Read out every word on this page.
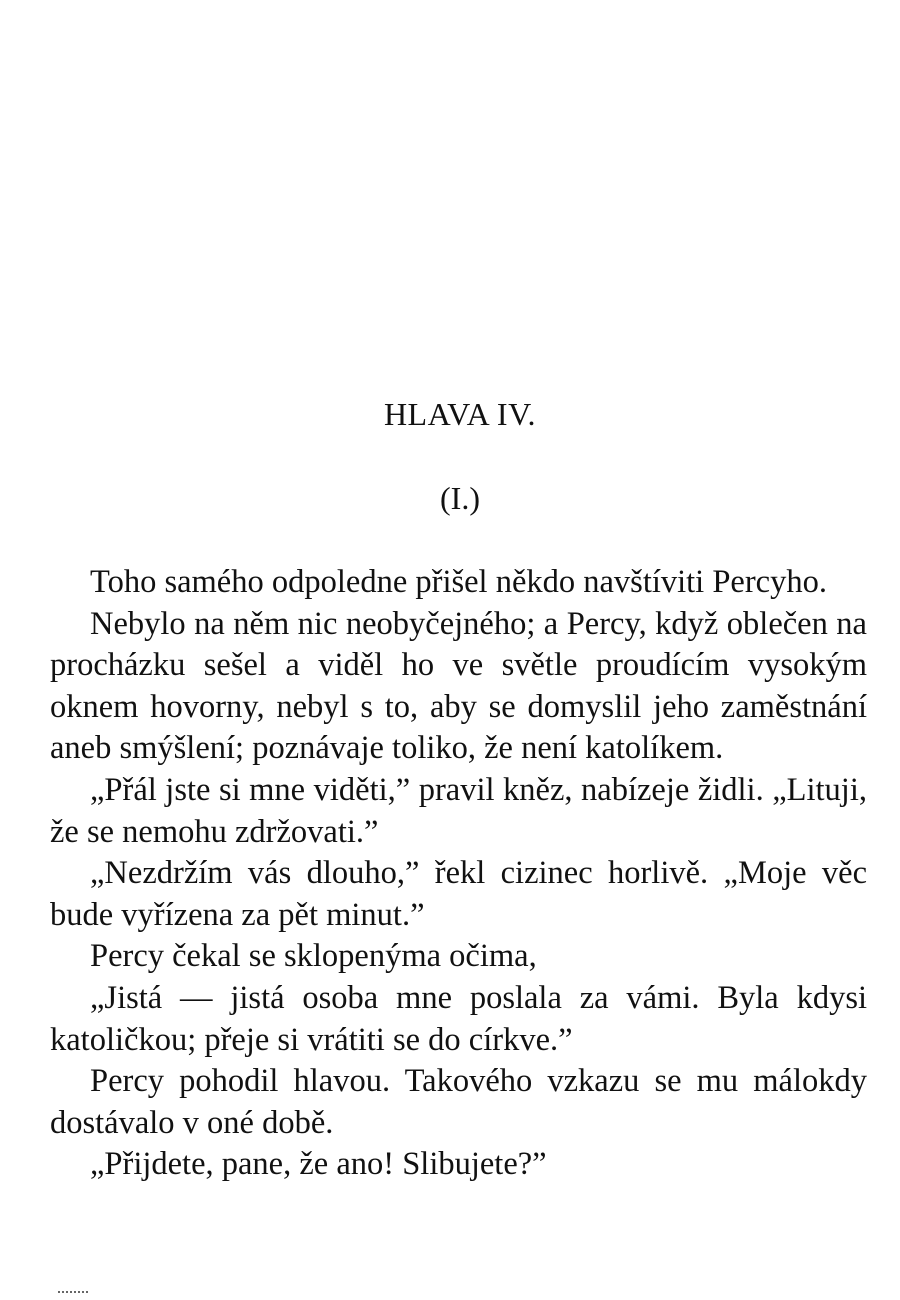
HLAVA IV.
(I.)

Toho samého odpoledne přišel někdo navštíviti Percyho.

Nebylo na něm nic neobyčejného; a Percy, když oblečen na procházku sešel a viděl ho ve světle proudícím vysokým oknem hovorny, nebyl s to, aby se domyslil jeho zaměstnání aneb smýšlení; poznávaje toliko, že není katolíkem.

„Přál jste si mne viděti,” pravil kněz, nabízeje židli. „Lituji, že se nemohu zdržovati.”

„Nezdržím vás dlouho,” řekl cizinec horlivě. „Moje věc bude vyřízena za pět minut.”

Percy čekal se sklopenýma očima,

„Jistá — jistá osoba mne poslala za vámi. Byla kdysi katoličkou; přeje si vrátiti se do církve.”

Percy pohodil hlavou. Takového vzkazu se mu málokdy dostávalo v oné době.

„Přijdete, pane, že ano! Slibujete?”
